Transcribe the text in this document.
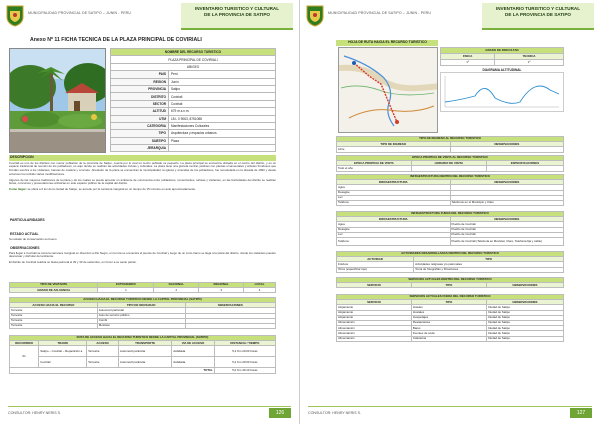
MUNICIPALIDAD PROVINCIAL DE SATIPO – JUNIN - PERU
INVENTARIO TURISTICO Y CULTURAL
DE LA PROVINCIA DE SATIPO
Anexo Nº 11 FICHA TECNICA DE LA PLAZA PRINCIPAL DE COVIRIALI
NOMBRE DEL RECURSO TURISTICO	
PLAZA PRINCIPAL DE COVIRIALI	
UBIGEO	
PAIS	Perú
REGION	Junín
PROVINCIA	Satipo
DISTRITO	Coviriali
SECTOR	Coviriali
ALTITUD	679 m.s.n.m.
UTM	18 L 0 9063, 8751088
CATEGORIA	Manifestaciones Culturales
TIPO	Arquitectura y espacios urbanos
SUBTIPO	Plaza
JERARQUIA	
DESCRIPCION

Coviriali es uno de los distritos con menor población de la provincia de Satipo, cuenta por lo cual su centro poblado es pequeño. La plaza principal se encuentra ubicada en el centro del distrito, y es un espacio tradicional de reunión de los pobladores, es aquí donde se realizan las actividades cívicas y culturales. La plaza tiene una glorieta central, jardines con plantas ornamentales y árboles frondosos que brindan sombra a los visitantes, bancas de madera y concreto. Alrededor de la plaza se encuentran la municipalidad, la iglesia y viviendas de los pobladores, fue remodelada en la década de 1990 y desde entonces ha recibido varias modificaciones.

Algunos de las mayores tradiciones de la plaza y de los cuales se puede apreciar un ambiente de convivencia entre pobladores, comerciantes, turistas y visitantes, en las festividades del distrito se realizan ferias, concursos y presentaciones artísticas en este espacio público de la capital del distrito.

Como llegar: se ubica a 6 km de la ciudad de Satipo, se accede por la carretera marginal en un tiempo de 15 minutos en auto aproximadamente.

PARTICULARIDADES
ESTADO ACTUAL

Su estado de conservación es bueno

OBSERVACIONES

Para llegar a Coviriali se toma la carretera marginal en dirección a Río Negro, en la ruta se encuentra el puente de Coviriali y luego de un corto tramo se llega a la plaza del distrito, donde los visitantes pueden descansar y disfrutar del ambiente.

El distrito de Coviriali celebra su fiesta patronal el 29 y 30 de setiembre, en honor a su santo patrón.

TIPO DE VISITANTE	EXTRANJERO	NACIONAL	REGIONAL	LOCAL
GRADO DE AFLUENCIA	1	2	3	4
ACCESO HACIA EL RECURSO TURISTICO DESDE LA CAPITAL PROVINCIAL (SATIPO)		
ACCESO HACIA EL RECURSO	TIPO DE MOVILIDAD	OBSERVACIONES
Terrestre	Automóvil particular	
Terrestre	Auto de servicio público	
Terrestre	Combi	
Terrestre	Mototaxi	
RUTA DE ACCESO HACIA EL RECURSO TURISTICO DESDE LA CAPITAL PROVINCIAL (SATIPO)					
RECORRIDO	TRAMO	ACCESO	TRANSPORTE	VIA DE ACCESO	DISTANCIA / TIEMPO
01	Satipo – Coviriali – Repartición a	Terrestre	Automóvil particular	Asfaltada	5,2 Km 20:00 horas
	Coviriali	Terrestre	Automóvil particular	Asfaltada	5,2 Km 20:00 horas
TOTAL					5,0 Km 40:10 horas
CONSULTOR: HENRY NERIS S.	126
MUNICIPALIDAD PROVINCIAL DE SATIPO – JUNIN - PERU
INVENTARIO TURISTICO Y CULTURAL
DE LA PROVINCIA DE SATIPO
HOJA DE RUTA HACIA EL RECURSO TURISTICO
GRADO DE DIFICULTAD	
FISICA	TECNICA
1º	1º
DIAGRAMA ALTITUDINAL
TIPO DE INGRESO AL RECURSO TURISTICO	
TIPO DE INGRESO	OBSERVACIONES
Libre	
EPOCA PROPICIA DE VISITA AL RECURSO TURISTICO		
EPOCA PROPICIA DE VISITA	HORARIO DE VISITA	ESPECIFICACIONES
Todo el año		
INFRAESTRUCTURA DENTRO DEL RECURSO TURISTICO	
INFRAESTRUCTURA	OBSERVACIONES
Agua	
Desagüe	
Luz	
Teléfono	Teléfonos en el Municipio y Claro
INFRAESTRUCTURA FUERA DEL RECURSO TURISTICO	
INFRAESTRUCTURA	OBSERVACIONES
Agua	Pueblo de Coviriali
Desagüe	Pueblo de Coviriali
Luz	Pueblo de Coviriali
Teléfono	Pueblo de Coviriali (Telefonía en Movistar, Claro, Telefonía fija y cable)
ACTIVIDADES DESARROLLADAS DENTRO DEL RECURSO TURISTICO	
ACTIVIDAD	TIPO
Folclore	Actividades religiosas y/o patronales
Otros (especificar tipo)	Toma de fotografías y filmaciones
SERVICIOS ACTUALES DENTRO DEL RECURSO TURISTICO
SERVICIO	TIPO	OBSERVACIONES
SERVICIOS ACTUALES FUERA DEL RECURSO TURISTICO		
SERVICIO	TIPO	OBSERVACIONES
Alojamiento	Hoteles	Ciudad de Satipo
Alojamiento	Hostales	Ciudad de Satipo
Alojamiento	Hospedajes	Ciudad de Satipo
Alimentación	Restaurantes	Ciudad de Satipo
Alimentación	Bares	Ciudad de Satipo
Alimentación	Fuentes de soda	Ciudad de Satipo
Alimentación	Cafeterías	Ciudad de Satipo
CONSULTOR: HENRY NERIS S.	127
